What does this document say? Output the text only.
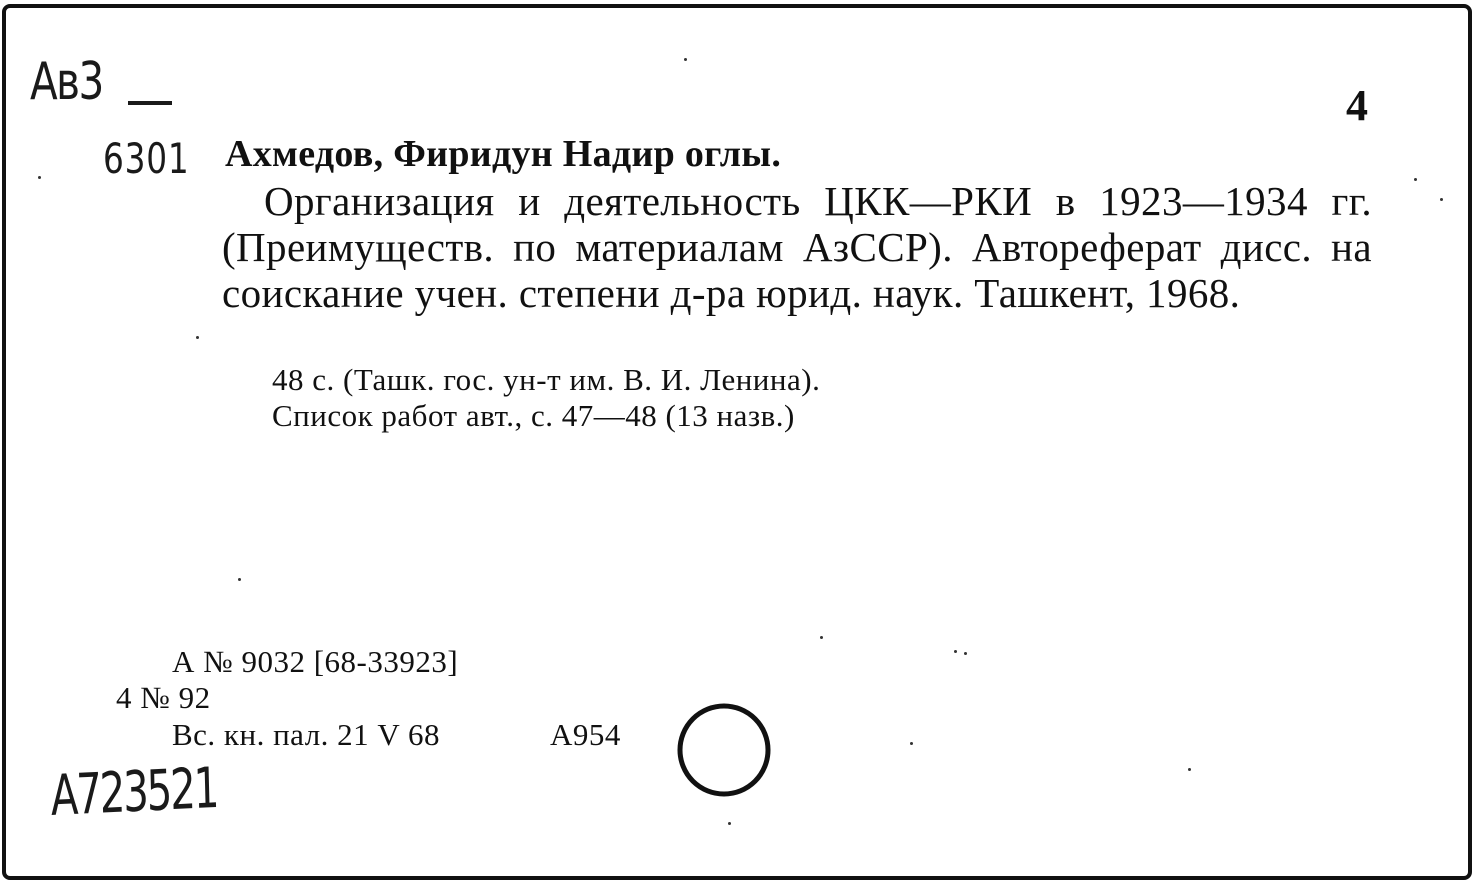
Ав3
6301
4
Ахмедов, Фиридун Надир оглы.

Организация и деятельность ЦКК—РКИ в 1923—1934 гг. (Преимуществ. по материалам АзССР). Автореферат дисс. на соискание учен. степени д-ра юрид. наук. Ташкент, 1968.

48 с. (Ташк. гос. ун-т им. В. И. Ленина).
Список работ авт., с. 47—48 (13 назв.)
А № 9032 [68-33923]
4 № 92
Вс. кн. пал. 21 V 68	А954
А723521
